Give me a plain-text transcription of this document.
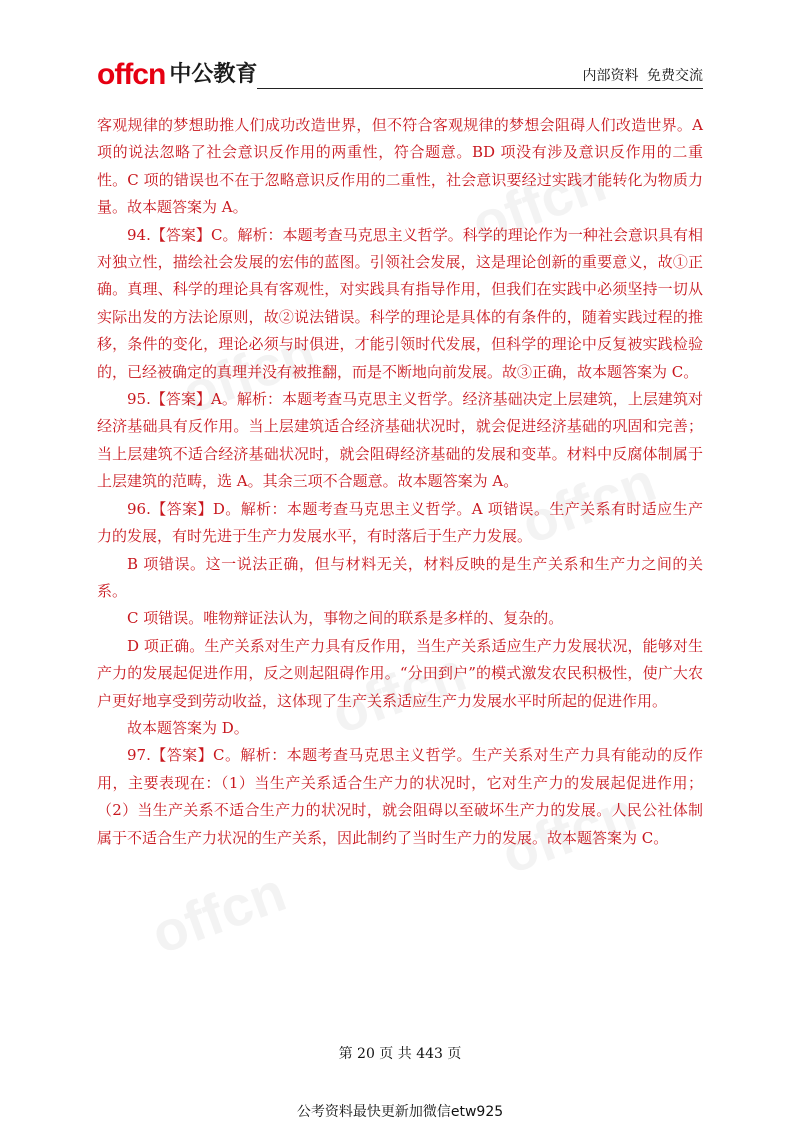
offcn 中公教育	内部资料 免费交流
offcn
offcn
offcn
offcn
offcn
offcn

客观规律的梦想助推人们成功改造世界，但不符合客观规律的梦想会阻碍人们改造世界。A 项的说法忽略了社会意识反作用的两重性，符合题意。BD 项没有涉及意识反作用的二重性。C 项的错误也不在于忽略意识反作用的二重性，社会意识要经过实践才能转化为物质力量。故本题答案为 A。

94.【答案】C。解析：本题考查马克思主义哲学。科学的理论作为一种社会意识具有相对独立性，描绘社会发展的宏伟的蓝图。引领社会发展，这是理论创新的重要意义，故①正确。真理、科学的理论具有客观性，对实践具有指导作用，但我们在实践中必须坚持一切从实际出发的方法论原则，故②说法错误。科学的理论是具体的有条件的，随着实践过程的推移，条件的变化，理论必须与时俱进，才能引领时代发展，但科学的理论中反复被实践检验的，已经被确定的真理并没有被推翻，而是不断地向前发展。故③正确，故本题答案为 C。

95.【答案】A。解析：本题考查马克思主义哲学。经济基础决定上层建筑，上层建筑对经济基础具有反作用。当上层建筑适合经济基础状况时，就会促进经济基础的巩固和完善；当上层建筑不适合经济基础状况时，就会阻碍经济基础的发展和变革。材料中反腐体制属于上层建筑的范畴，选 A。其余三项不合题意。故本题答案为 A。

96.【答案】D。解析：本题考查马克思主义哲学。A 项错误。生产关系有时适应生产力的发展，有时先进于生产力发展水平，有时落后于生产力发展。

B 项错误。这一说法正确，但与材料无关，材料反映的是生产关系和生产力之间的关系。

C 项错误。唯物辩证法认为，事物之间的联系是多样的、复杂的。

D 项正确。生产关系对生产力具有反作用，当生产关系适应生产力发展状况，能够对生产力的发展起促进作用，反之则起阻碍作用。“分田到户”的模式激发农民积极性，使广大农户更好地享受到劳动收益，这体现了生产关系适应生产力发展水平时所起的促进作用。

故本题答案为 D。

97.【答案】C。解析：本题考查马克思主义哲学。生产关系对生产力具有能动的反作用，主要表现在：（1）当生产关系适合生产力的状况时，它对生产力的发展起促进作用；（2）当生产关系不适合生产力的状况时，就会阻碍以至破坏生产力的发展。人民公社体制属于不适合生产力状况的生产关系，因此制约了当时生产力的发展。故本题答案为 C。

第 20 页 共 443 页
公考资料最快更新加微信etw925
